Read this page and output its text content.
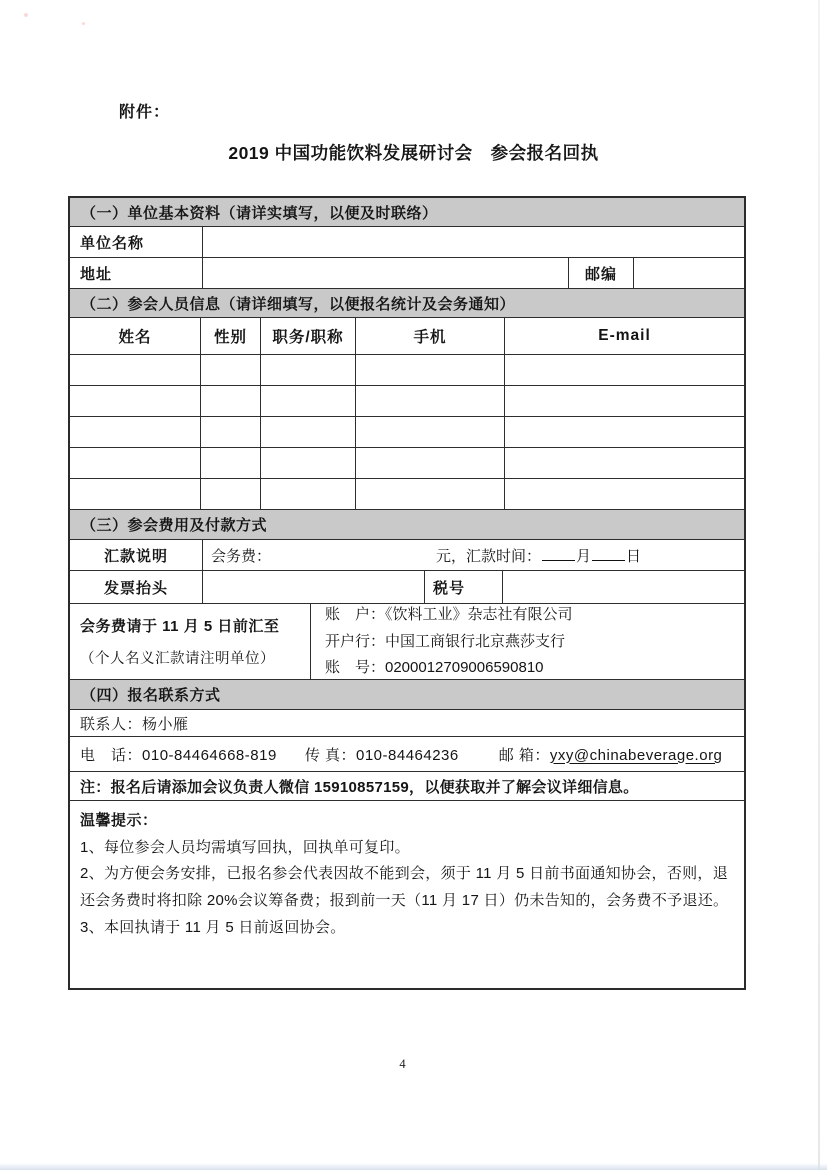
附件：
2019 中国功能饮料发展研讨会　参会报名回执
（一）单位基本资料（请详实填写，以便及时联络）
单位名称
地址	邮编
（二）参会人员信息（请详细填写，以便报名统计及会务通知）
姓名	性别	职务/职称	手机	E-mail
（三）参会费用及付款方式
汇款说明	会务费：	元，汇款时间： 月 日
发票抬头	税号
会务费请于 11 月 5 日前汇至
（个人名义汇款请注明单位）
账　户：《饮料工业》杂志社有限公司
开户行：中国工商银行北京燕莎支行
账　号：0200012709006590810
（四）报名联系方式
联系人：杨小雁
电　话： 010-84464668-819 传 真： 010-84464236	邮 箱： yxy@chinabeverage.org
注：报名后请添加会议负责人微信 15910857159，以便获取并了解会议详细信息。
温馨提示：
1、每位参会人员均需填写回执，回执单可复印。
2、为方便会务安排，已报名参会代表因故不能到会，须于 11 月 5 日前书面通知协会，否则，退还会务费时将扣除 20%会议筹备费；报到前一天（11 月 17 日）仍未告知的，会务费不予退还。
3、本回执请于 11 月 5 日前返回协会。
4
